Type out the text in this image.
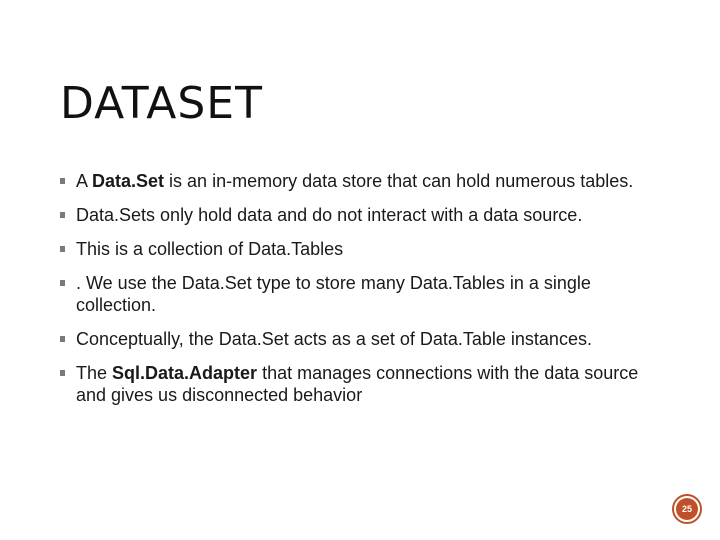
DATASET
A Data.Set is an in-memory data store that can hold numerous tables.
Data.Sets only hold data and do not interact with a data source.
This is a collection of Data.Tables
. We use the Data.Set type to store many Data.Tables in a single collection.
Conceptually, the Data.Set acts as a set of Data.Table instances.
The Sql.Data.Adapter that manages connections with the data source and gives us disconnected behavior
25
